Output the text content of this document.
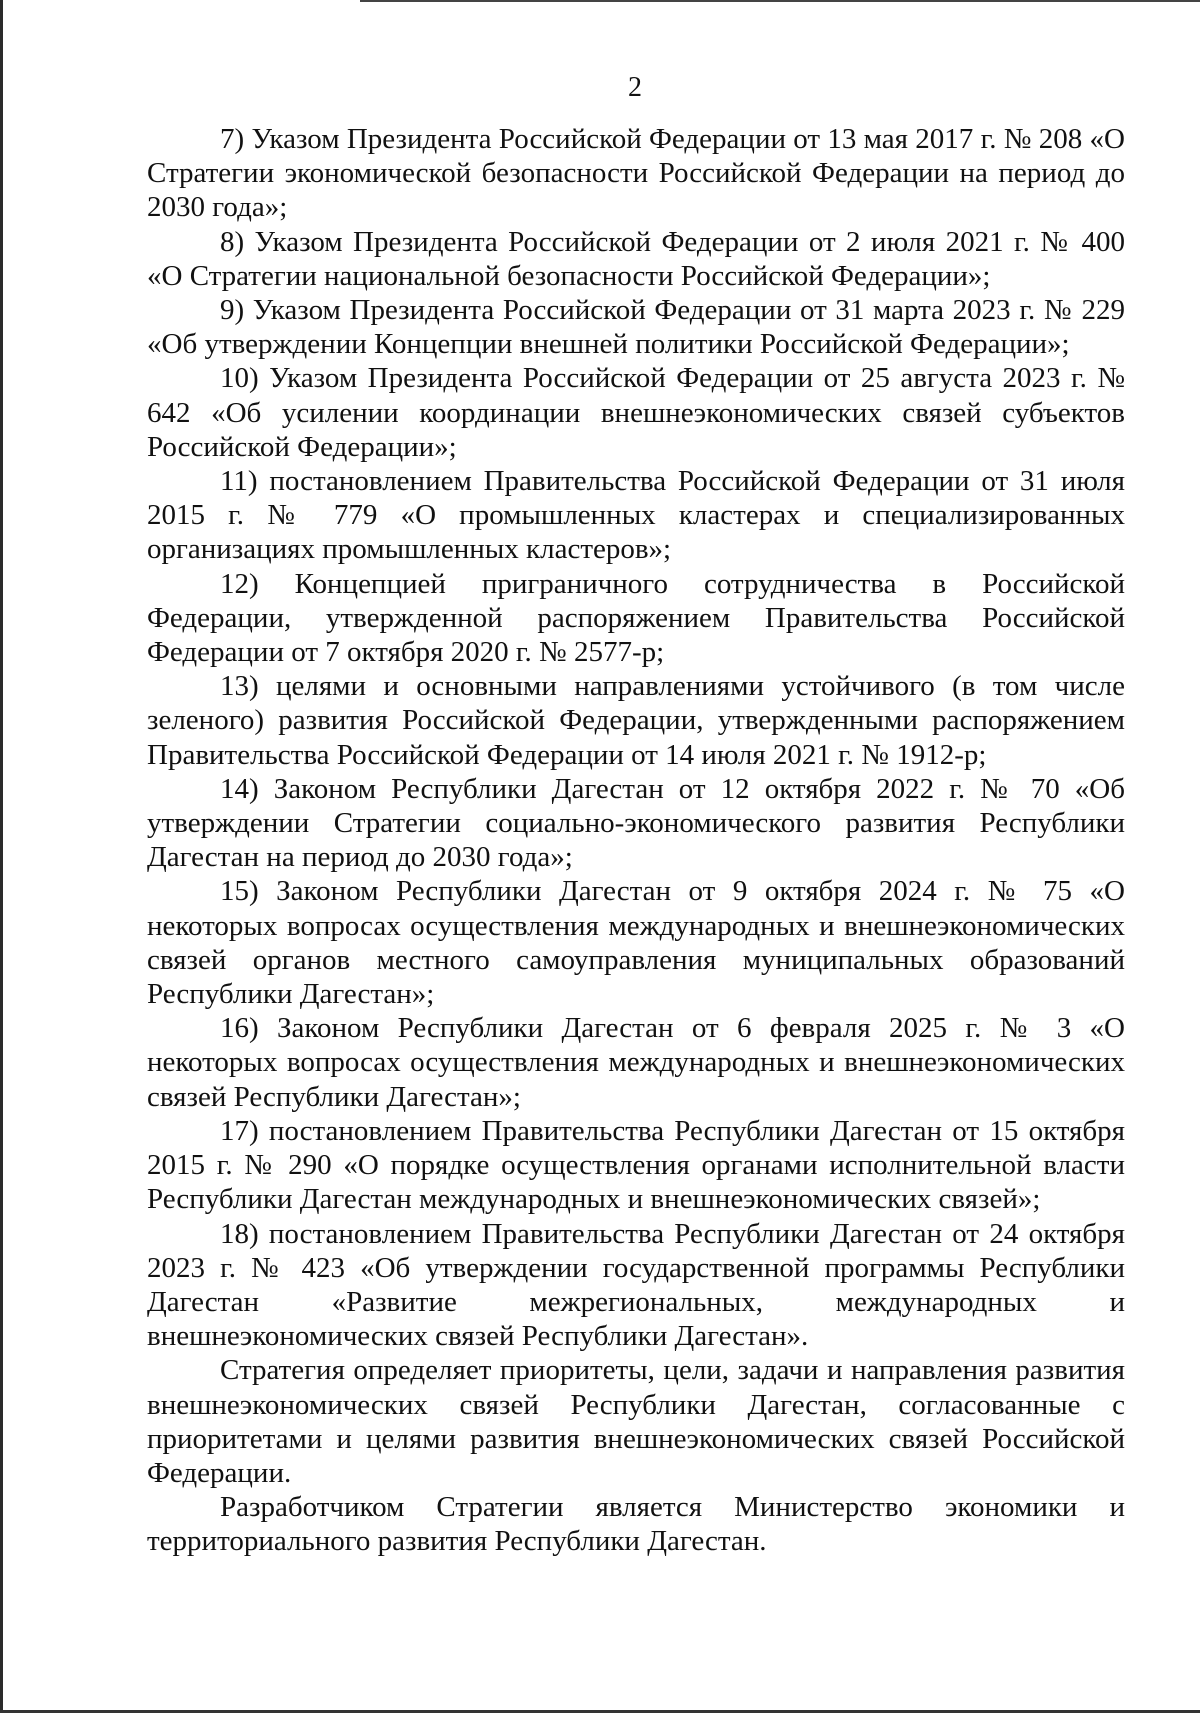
2

7) Указом Президента Российской Федерации от 13 мая 2017 г. № 208 «О Стратегии экономической безопасности Российской Федерации на период до 2030 года»;

8) Указом Президента Российской Федерации от 2 июля 2021 г. № 400 «О Стратегии национальной безопасности Российской Федерации»;

9) Указом Президента Российской Федерации от 31 марта 2023 г. № 229 «Об утверждении Концепции внешней политики Российской Федерации»;

10) Указом Президента Российской Федерации от 25 августа 2023 г. № 642 «Об усилении координации внешнеэкономических связей субъектов Российской Федерации»;

11) постановлением Правительства Российской Федерации от 31 июля 2015 г. № 779 «О промышленных кластерах и специализированных организациях промышленных кластеров»;

12) Концепцией приграничного сотрудничества в Российской Федерации, утвержденной распоряжением Правительства Российской Федерации от 7 октября 2020 г. № 2577-р;

13) целями и основными направлениями устойчивого (в том числе зеленого) развития Российской Федерации, утвержденными распоряжением Правительства Российской Федерации от 14 июля 2021 г. № 1912-р;

14) Законом Республики Дагестан от 12 октября 2022 г. № 70 «Об утверждении Стратегии социально-экономического развития Республики Дагестан на период до 2030 года»;

15) Законом Республики Дагестан от 9 октября 2024 г. № 75 «О некоторых вопросах осуществления международных и внешнеэкономических связей органов местного самоуправления муниципальных образований Республики Дагестан»;

16) Законом Республики Дагестан от 6 февраля 2025 г. № 3 «О некоторых вопросах осуществления международных и внешнеэкономических связей Республики Дагестан»;

17) постановлением Правительства Республики Дагестан от 15 октября 2015 г. № 290 «О порядке осуществления органами исполнительной власти Республики Дагестан международных и внешнеэкономических связей»;

18) постановлением Правительства Республики Дагестан от 24 октября 2023 г. № 423 «Об утверждении государственной программы Республики Дагестан «Развитие межрегиональных, международных и внешнеэкономических связей Республики Дагестан».

Стратегия определяет приоритеты, цели, задачи и направления развития внешнеэкономических связей Республики Дагестан, согласованные с приоритетами и целями развития внешнеэкономических связей Российской Федерации.

Разработчиком Стратегии является Министерство экономики и территориального развития Республики Дагестан.
